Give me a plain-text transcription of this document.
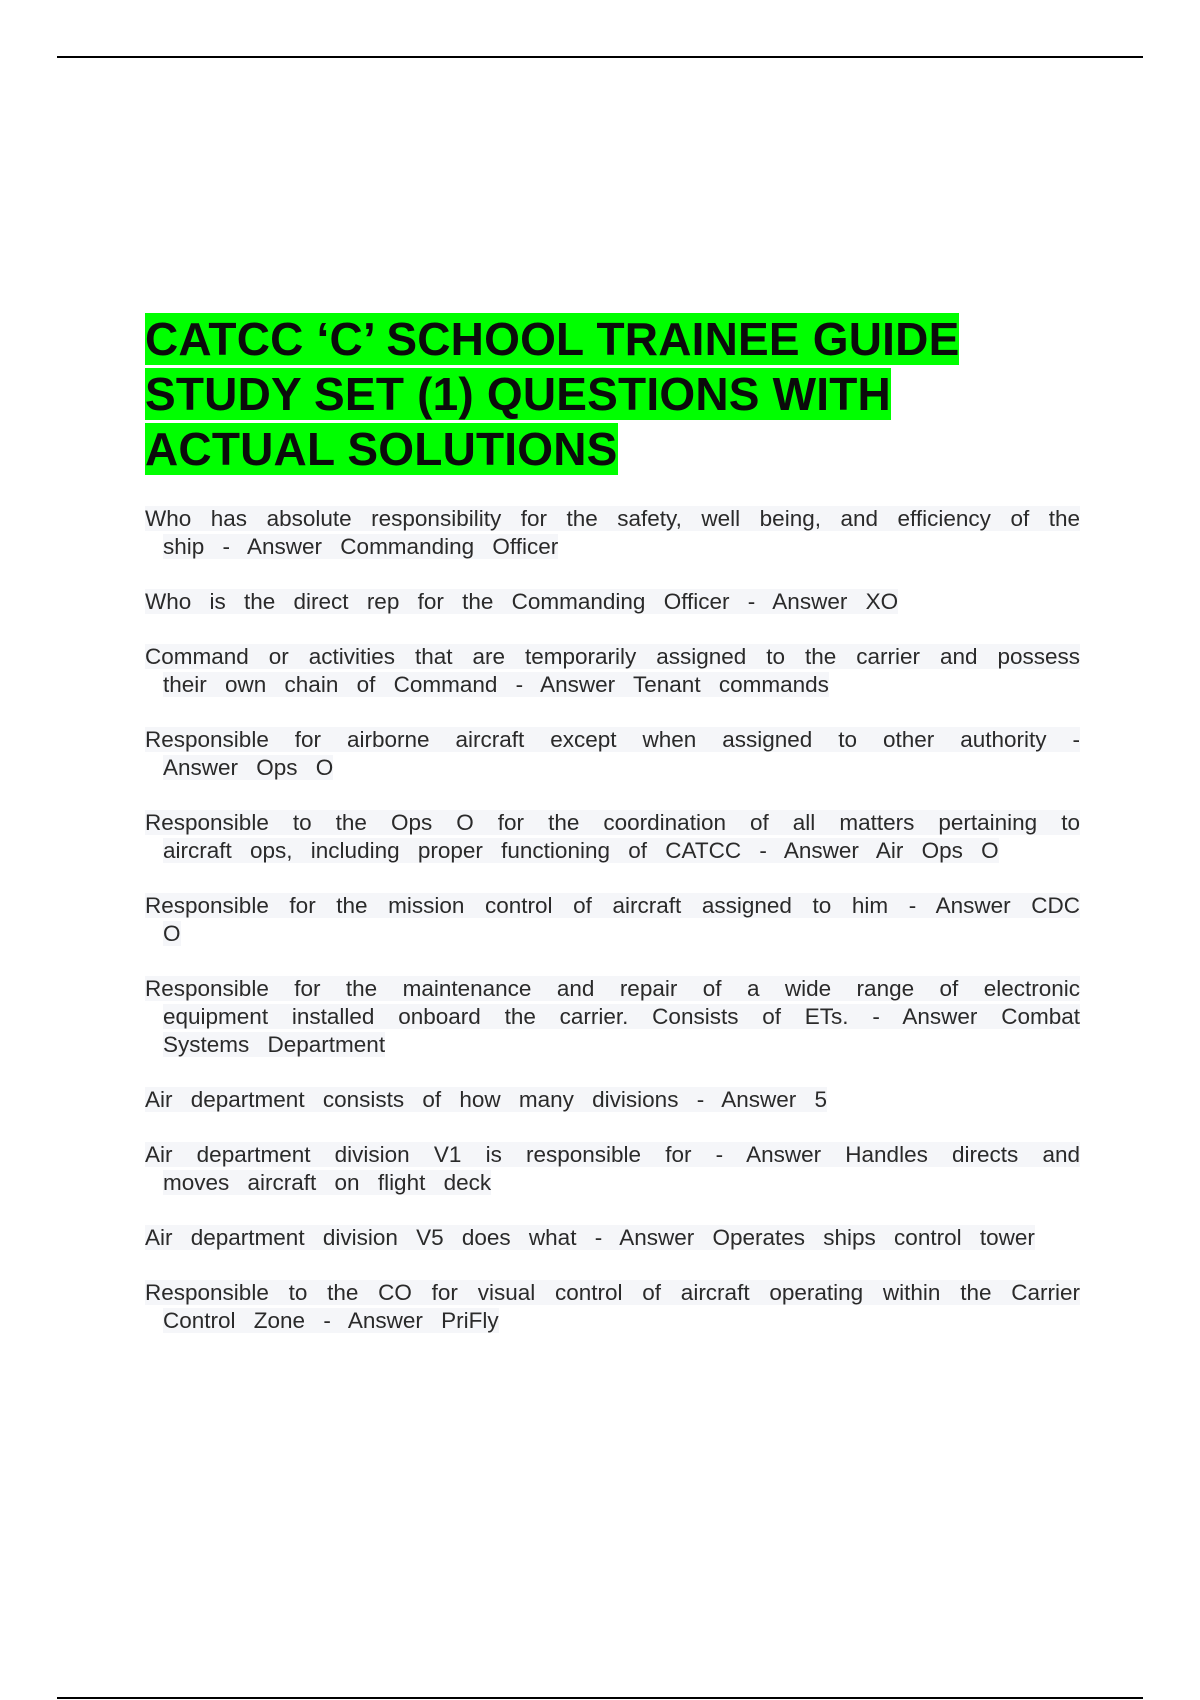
CATCC ‘C’ SCHOOL TRAINEE GUIDE STUDY SET (1) QUESTIONS WITH ACTUAL SOLUTIONS

Who has absolute responsibility for the safety, well being, and efficiency of the ship - Answer Commanding Officer

Who is the direct rep for the Commanding Officer - Answer XO

Command or activities that are temporarily assigned to the carrier and possess their own chain of Command - Answer Tenant commands

Responsible for airborne aircraft except when assigned to other authority - Answer Ops O

Responsible to the Ops O for the coordination of all matters pertaining to aircraft ops, including proper functioning of CATCC - Answer Air Ops O

Responsible for the mission control of aircraft assigned to him - Answer CDC O

Responsible for the maintenance and repair of a wide range of electronic equipment installed onboard the carrier. Consists of ETs. - Answer Combat Systems Department

Air department consists of how many divisions - Answer 5

Air department division V1 is responsible for - Answer Handles directs and moves aircraft on flight deck

Air department division V5 does what - Answer Operates ships control tower

Responsible to the CO for visual control of aircraft operating within the Carrier Control Zone - Answer PriFly
